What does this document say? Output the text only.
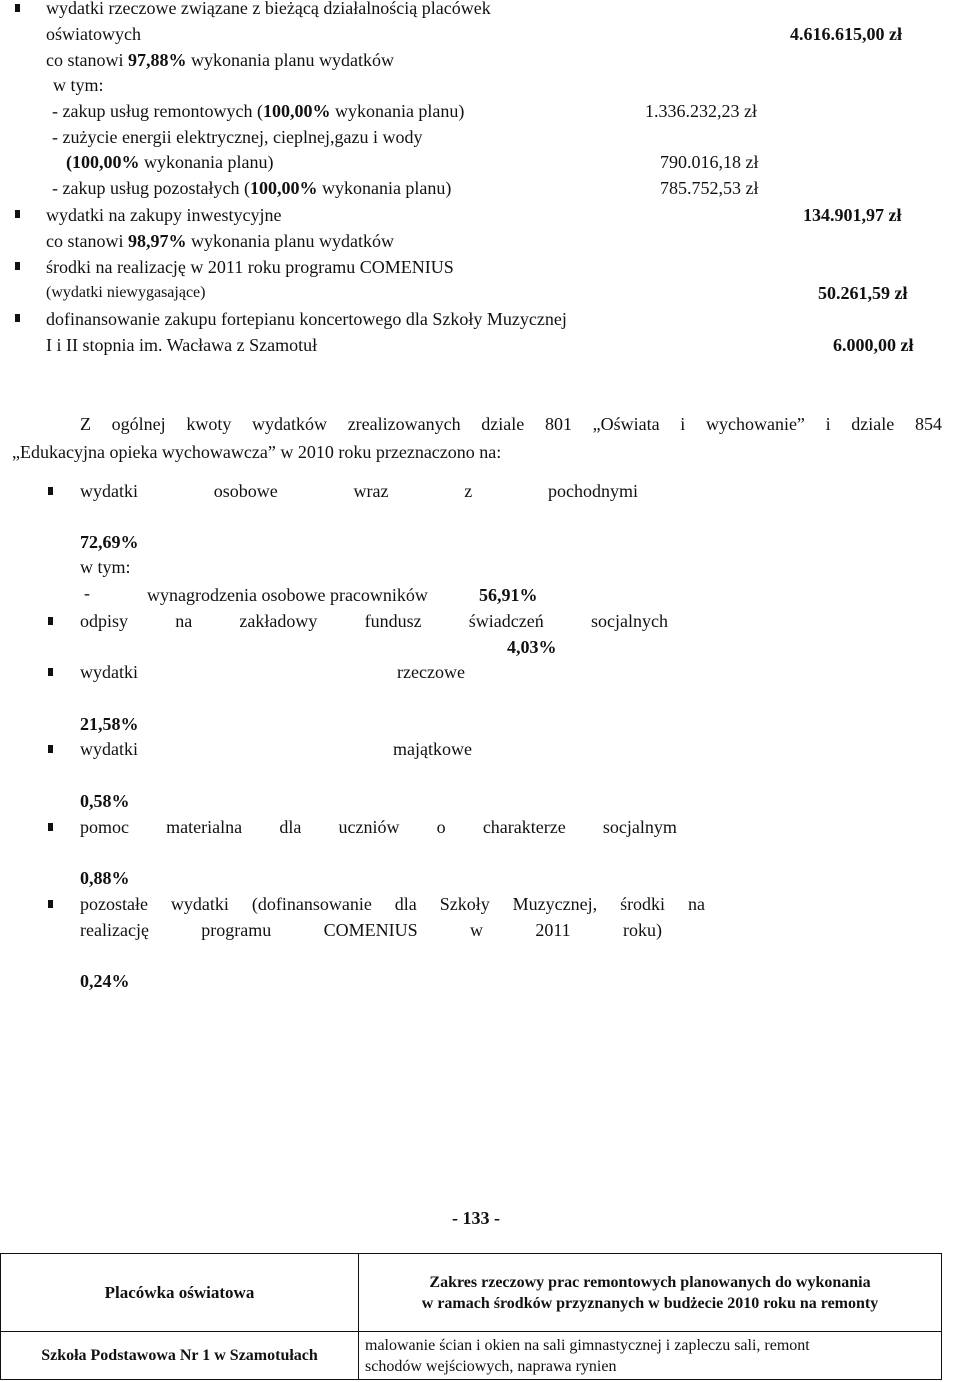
wydatki rzeczowe związane z bieżącą działalnością placówek
oświatowych	4.616.615,00 zł
co stanowi 97,88% wykonania planu wydatków
w tym:
- zakup usług remontowych (100,00% wykonania planu)	1.336.232,23 zł
- zużycie energii elektrycznej, cieplnej,gazu i wody
(100,00% wykonania planu)	790.016,18 zł
- zakup usług pozostałych (100,00% wykonania planu)	785.752,53 zł
wydatki na zakupy inwestycyjne	134.901,97 zł
co stanowi 98,97% wykonania planu wydatków
środki na realizację w 2011 roku programu COMENIUS
(wydatki niewygasające)	50.261,59 zł
dofinansowanie zakupu fortepianu koncertowego dla Szkoły Muzycznej
I i II stopnia im. Wacława z Szamotuł	6.000,00 zł
Z ogólnej kwoty wydatków zrealizowanych dziale 801 „Oświata i wychowanie” i dziale 854
„Edukacyjna opieka wychowawcza” w 2010 roku przeznaczono na:
wydatki	osobowe	wraz	z	pochodnymi
72,69%
w tym:
-	wynagrodzenia osobowe pracowników	56,91%
odpisy	na	zakładowy	fundusz	świadczeń	socjalnych
4,03%
wydatki	rzeczowe
21,58%
wydatki	majątkowe
0,58%
pomoc materialna dla uczniów o charakterze socjalnym
0,88%
pozostałe wydatki (dofinansowanie dla Szkoły Muzycznej, środki na
realizację	programu	COMENIUS	w	2011	roku)
0,24%
- 133 -
Placówka oświatowa	Zakres rzeczowy prac remontowych planowanych do wykonania
w ramach środków przyznanych w budżecie 2010 roku na remonty

Szkoła Podstawowa Nr 1 w Szamotułach	malowanie ścian i okien na sali gimnastycznej i zapleczu sali, remont
schodów wejściowych, naprawa rynien
